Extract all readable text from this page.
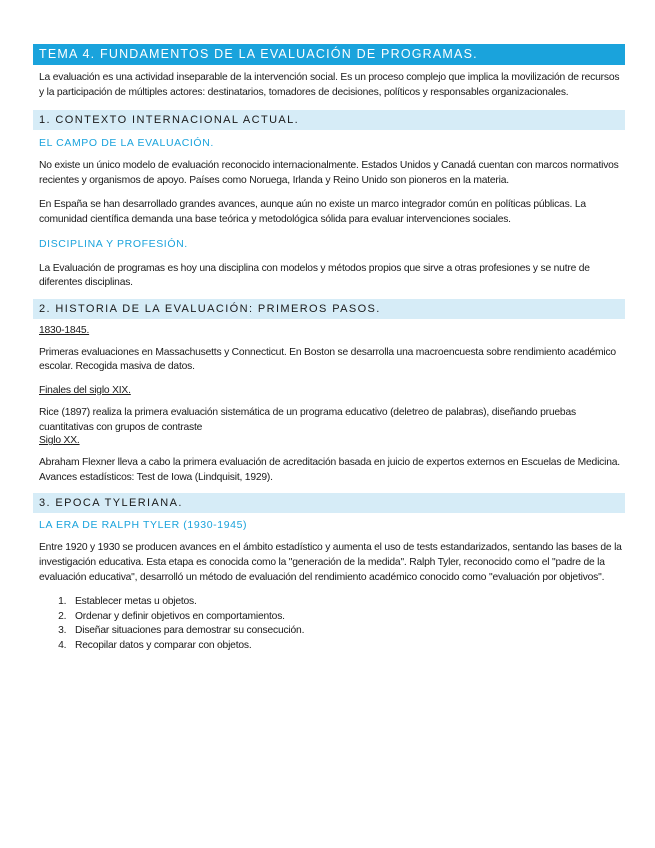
TEMA 4. FUNDAMENTOS DE LA EVALUACIÓN DE PROGRAMAS.

La evaluación es una actividad inseparable de la intervención social. Es un proceso complejo que implica la movilización de recursos y la participación de múltiples actores: destinatarios, tomadores de decisiones, políticos y responsables organizacionales.

1. CONTEXTO INTERNACIONAL ACTUAL.
EL CAMPO DE LA EVALUACIÓN.

No existe un único modelo de evaluación reconocido internacionalmente. Estados Unidos y Canadá cuentan con marcos normativos recientes y organismos de apoyo. Países como Noruega, Irlanda y Reino Unido son pioneros en la materia.

En España se han desarrollado grandes avances, aunque aún no existe un marco integrador común en políticas públicas. La comunidad científica demanda una base teórica y metodológica sólida para evaluar intervenciones sociales.

DISCIPLINA Y PROFESIÓN.

La Evaluación de programas es hoy una disciplina con modelos y métodos propios que sirve a otras profesiones y se nutre de diferentes disciplinas.

2. HISTORIA DE LA EVALUACIÓN: PRIMEROS PASOS.
1830-1845.

Primeras evaluaciones en Massachusetts y Connecticut. En Boston se desarrolla una macroencuesta sobre rendimiento académico escolar. Recogida masiva de datos.

Finales del siglo XIX.

Rice (1897) realiza la primera evaluación sistemática de un programa educativo (deletreo de palabras), diseñando pruebas cuantitativas con grupos de contraste

Siglo XX.

Abraham Flexner lleva a cabo la primera evaluación de acreditación basada en juicio de expertos externos en Escuelas de Medicina. Avances estadísticos: Test de Iowa (Lindquisit, 1929).

3. EPOCA TYLERIANA.
LA ERA DE RALPH TYLER (1930-1945)

Entre 1920 y 1930 se producen avances en el ámbito estadístico y aumenta el uso de tests estandarizados, sentando las bases de la investigación educativa. Esta etapa es conocida como la "generación de la medida". Ralph Tyler, reconocido como el "padre de la evaluación educativa", desarrolló un método de evaluación del rendimiento académico conocido como "evaluación por objetivos".

1. Establecer metas u objetos.
2. Ordenar y definir objetivos en comportamientos.
3. Diseñar situaciones para demostrar su consecución.
4. Recopilar datos y comparar con objetos.
